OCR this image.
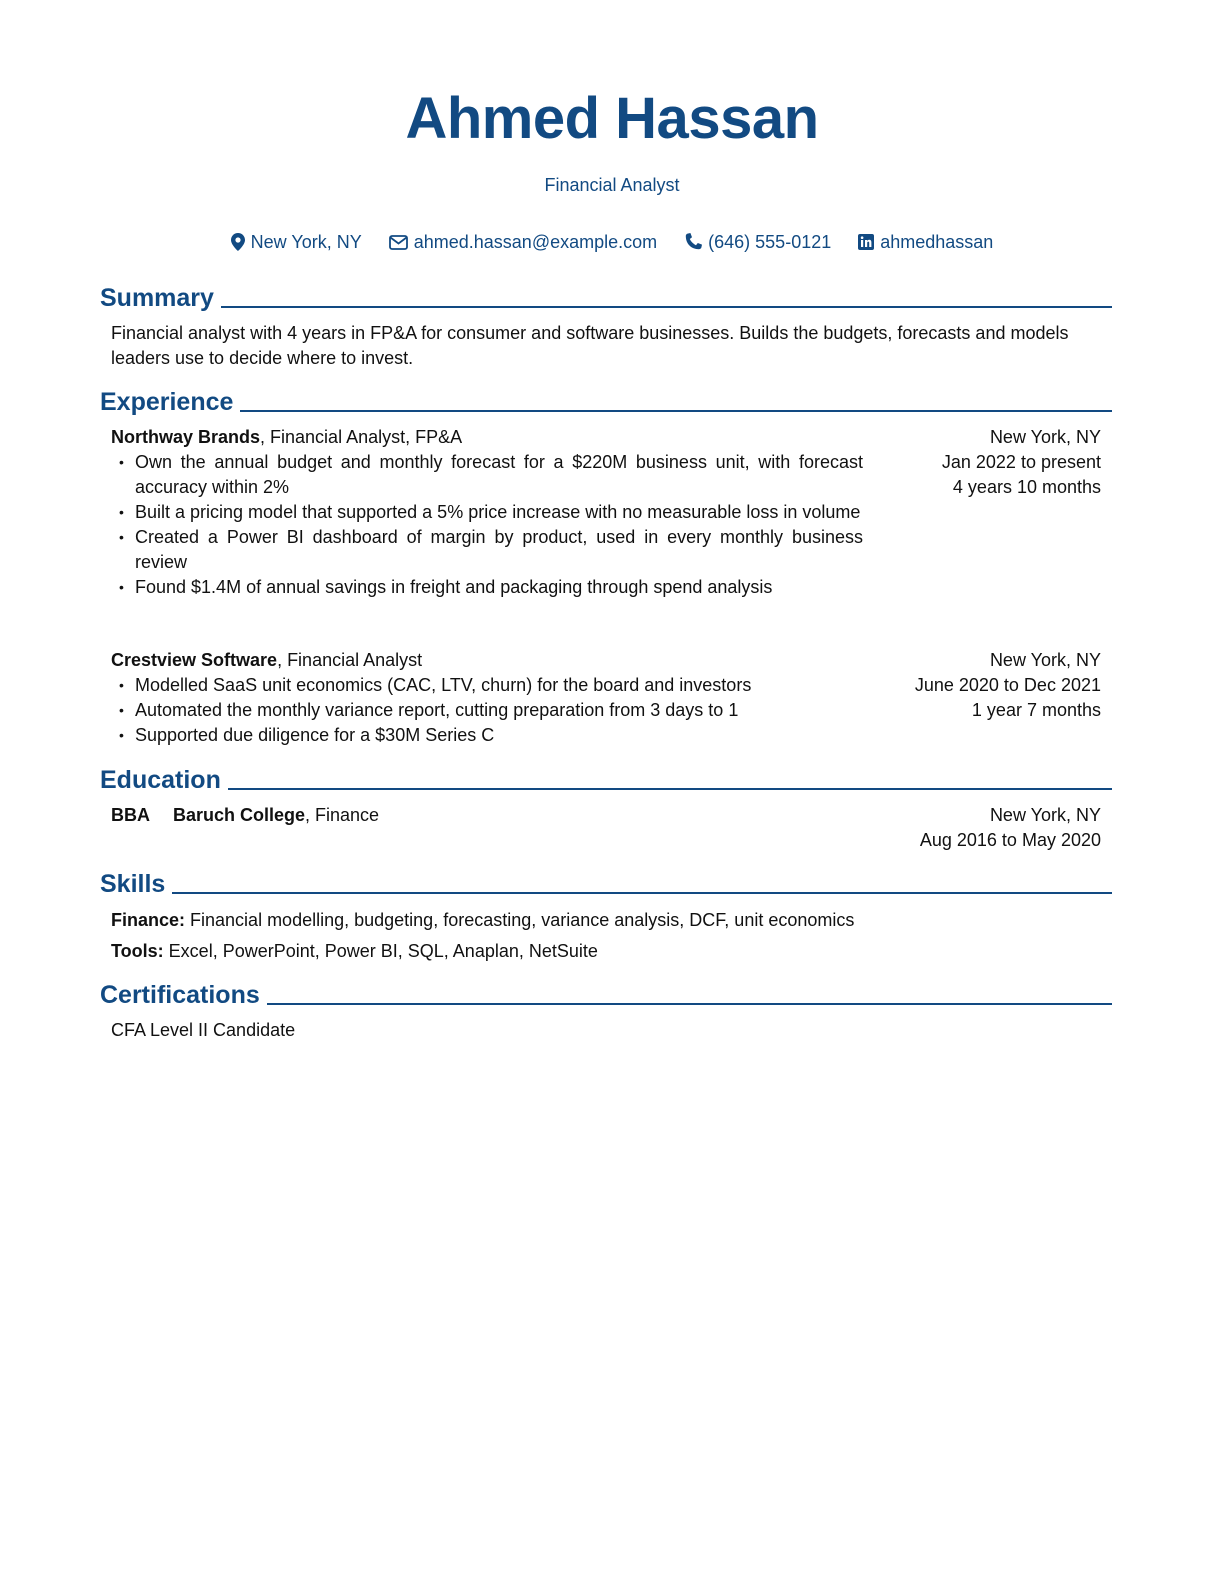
Ahmed Hassan
Financial Analyst
New York, NY	ahmed.hassan@example.com	(646) 555-0121	ahmedhassan
Summary
Financial analyst with 4 years in FP&A for consumer and software businesses. Builds the budgets, forecasts and models leaders use to decide where to invest.
Experience
Northway Brands, Financial Analyst, FP&A	New York, NY
Jan 2022 to present
4 years 10 months
• Own the annual budget and monthly forecast for a $220M business unit, with forecast accuracy within 2%
• Built a pricing model that supported a 5% price increase with no measurable loss in volume
• Created a Power BI dashboard of margin by product, used in every monthly business review
• Found $1.4M of annual savings in freight and packaging through spend analysis
Crestview Software, Financial Analyst	New York, NY
June 2020 to Dec 2021
1 year 7 months
• Modelled SaaS unit economics (CAC, LTV, churn) for the board and investors
• Automated the monthly variance report, cutting preparation from 3 days to 1
• Supported due diligence for a $30M Series C
Education
BBA Baruch College, Finance	New York, NY
Aug 2016 to May 2020
Skills
Finance: Financial modelling, budgeting, forecasting, variance analysis, DCF, unit economics
Tools: Excel, PowerPoint, Power BI, SQL, Anaplan, NetSuite
Certifications
CFA Level II Candidate
